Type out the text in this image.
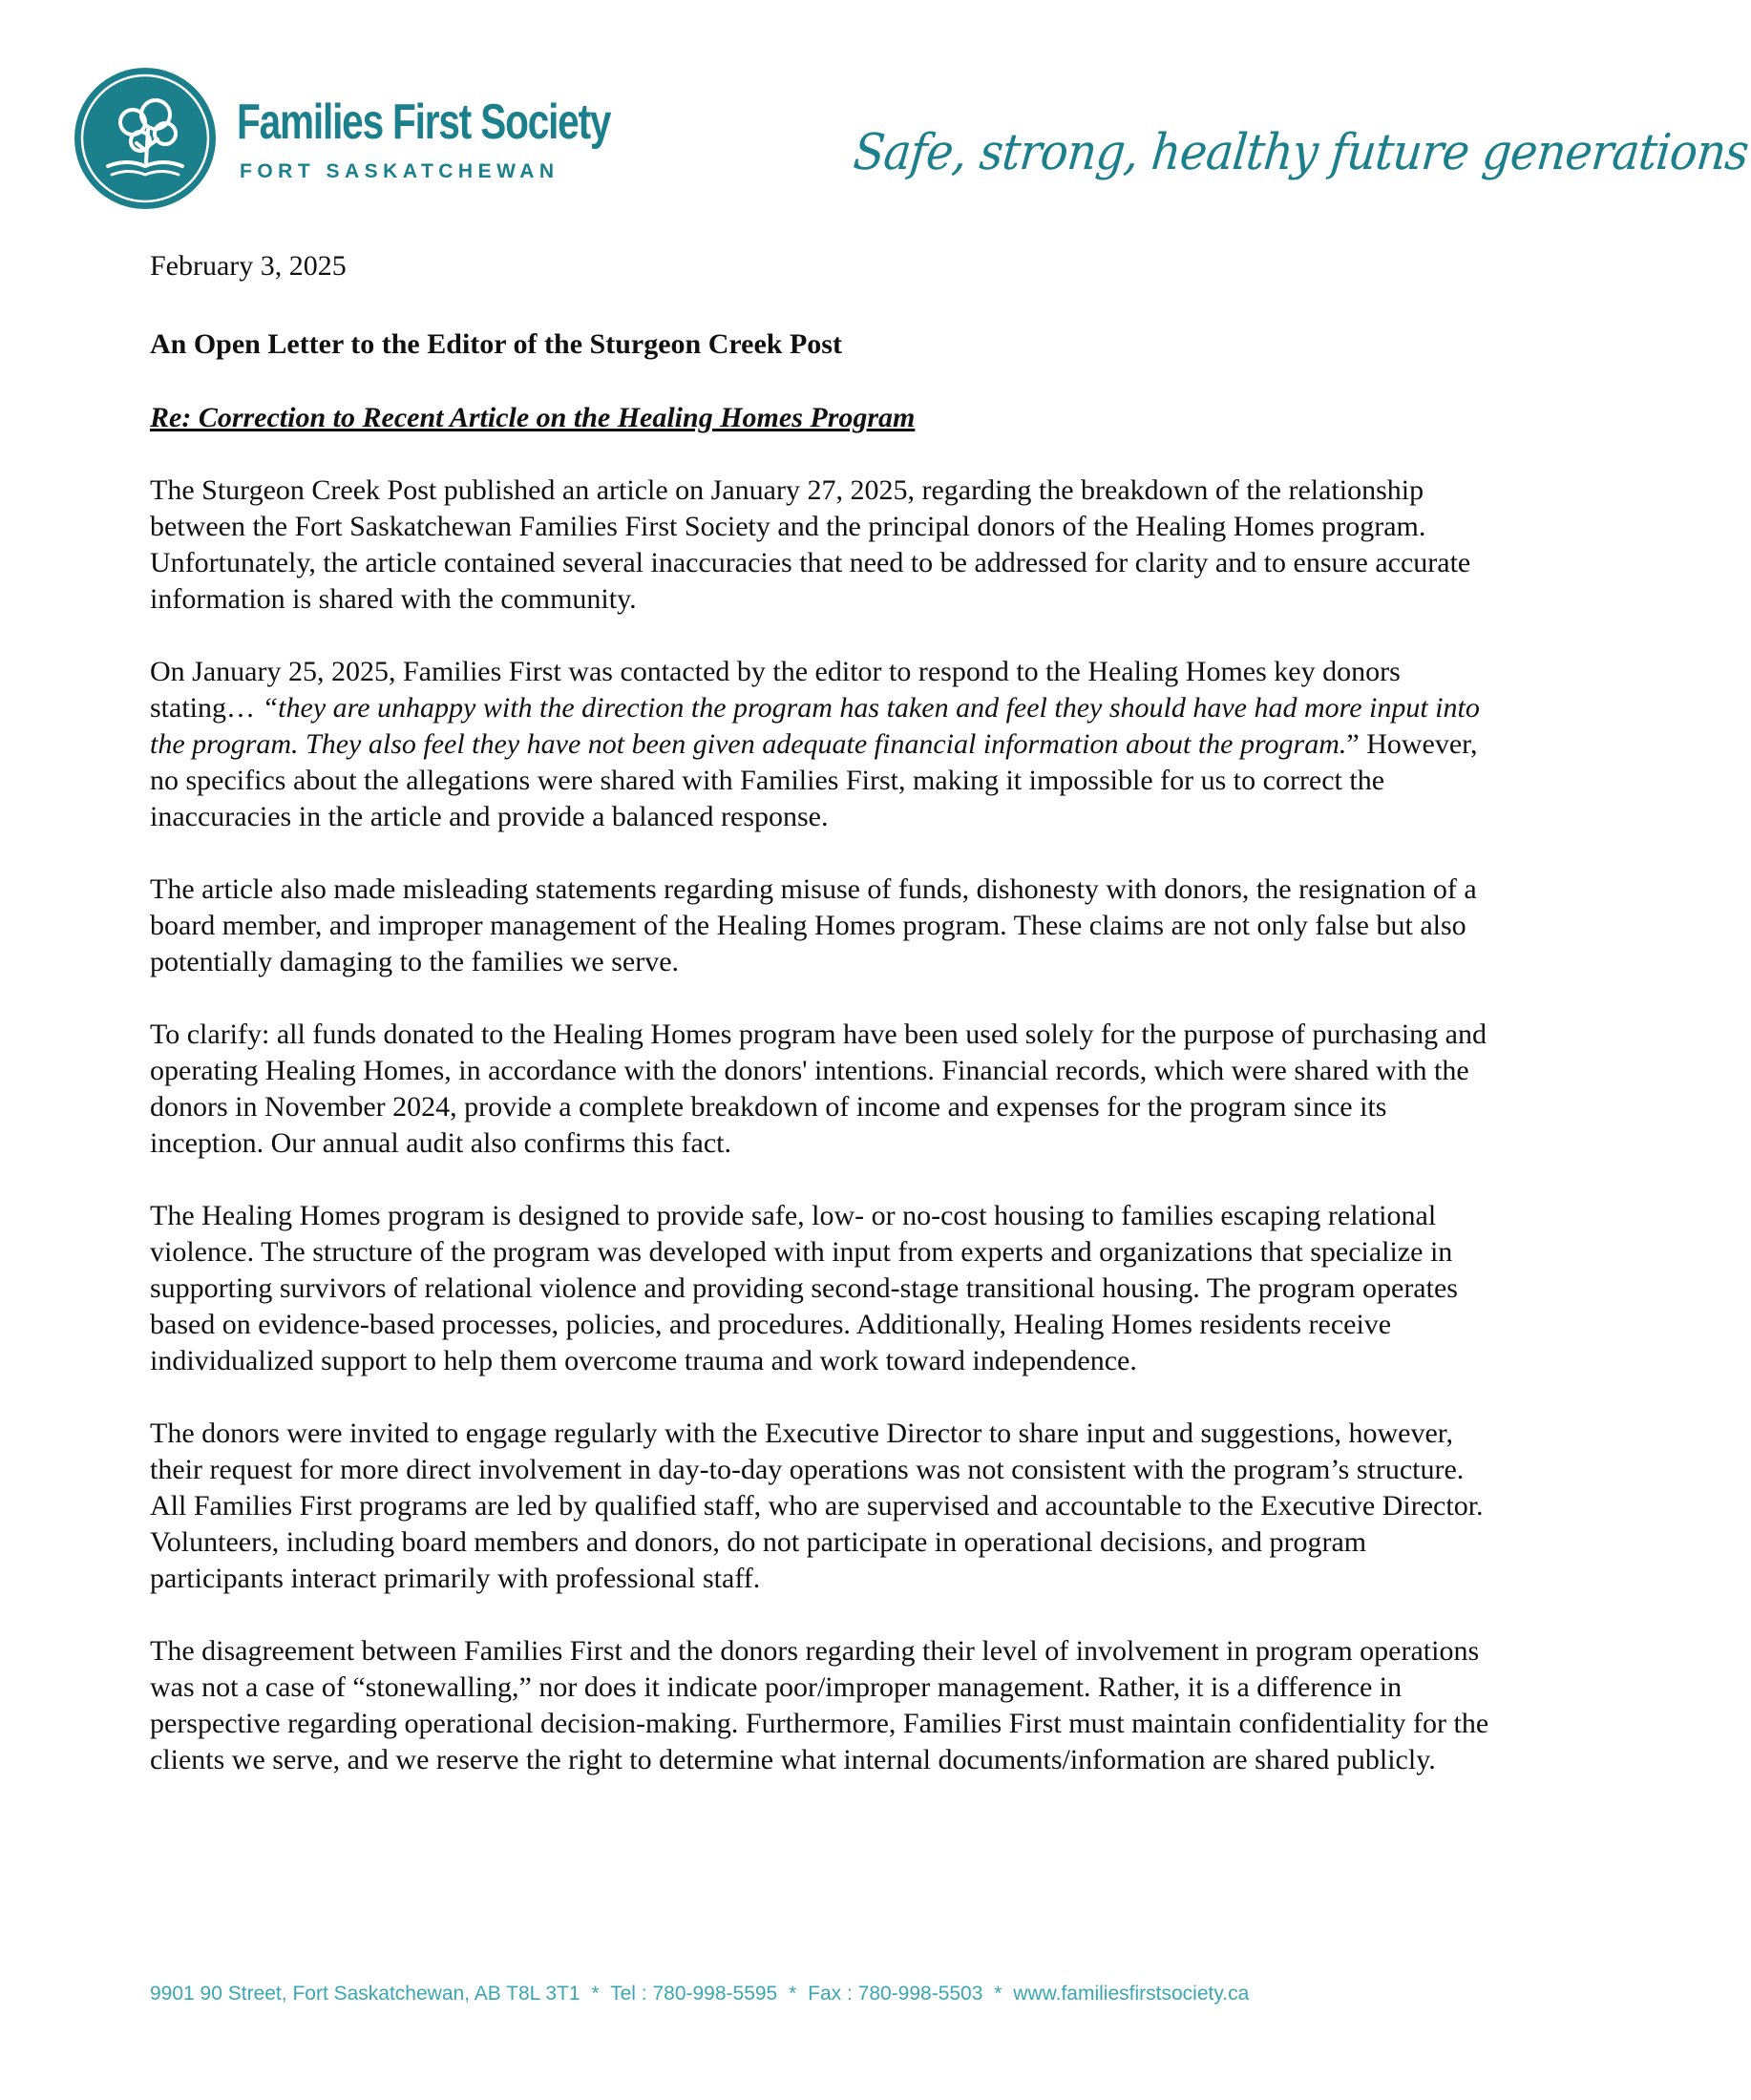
Families First Society
FORT SASKATCHEWAN	Safe, strong, healthy future generations

February 3, 2025

An Open Letter to the Editor of the Sturgeon Creek Post

Re: Correction to Recent Article on the Healing Homes Program

The Sturgeon Creek Post published an article on January 27, 2025, regarding the breakdown of the relationship between the Fort Saskatchewan Families First Society and the principal donors of the Healing Homes program. Unfortunately, the article contained several inaccuracies that need to be addressed for clarity and to ensure accurate information is shared with the community.

On January 25, 2025, Families First was contacted by the editor to respond to the Healing Homes key donors stating… “they are unhappy with the direction the program has taken and feel they should have had more input into the program. They also feel they have not been given adequate financial information about the program.” However, no specifics about the allegations were shared with Families First, making it impossible for us to correct the inaccuracies in the article and provide a balanced response.

The article also made misleading statements regarding misuse of funds, dishonesty with donors, the resignation of a board member, and improper management of the Healing Homes program. These claims are not only false but also potentially damaging to the families we serve.

To clarify: all funds donated to the Healing Homes program have been used solely for the purpose of purchasing and operating Healing Homes, in accordance with the donors' intentions. Financial records, which were shared with the donors in November 2024, provide a complete breakdown of income and expenses for the program since its inception. Our annual audit also confirms this fact.

The Healing Homes program is designed to provide safe, low- or no-cost housing to families escaping relational violence. The structure of the program was developed with input from experts and organizations that specialize in supporting survivors of relational violence and providing second-stage transitional housing. The program operates based on evidence-based processes, policies, and procedures. Additionally, Healing Homes residents receive individualized support to help them overcome trauma and work toward independence.

The donors were invited to engage regularly with the Executive Director to share input and suggestions, however, their request for more direct involvement in day-to-day operations was not consistent with the program’s structure. All Families First programs are led by qualified staff, who are supervised and accountable to the Executive Director. Volunteers, including board members and donors, do not participate in operational decisions, and program participants interact primarily with professional staff.

The disagreement between Families First and the donors regarding their level of involvement in program operations was not a case of “stonewalling,” nor does it indicate poor/improper management. Rather, it is a difference in perspective regarding operational decision-making. Furthermore, Families First must maintain confidentiality for the clients we serve, and we reserve the right to determine what internal documents/information are shared publicly.

9901 90 Street, Fort Saskatchewan, AB T8L 3T1 * Tel : 780-998-5595 * Fax : 780-998-5503 * www.familiesfirstsociety.ca
